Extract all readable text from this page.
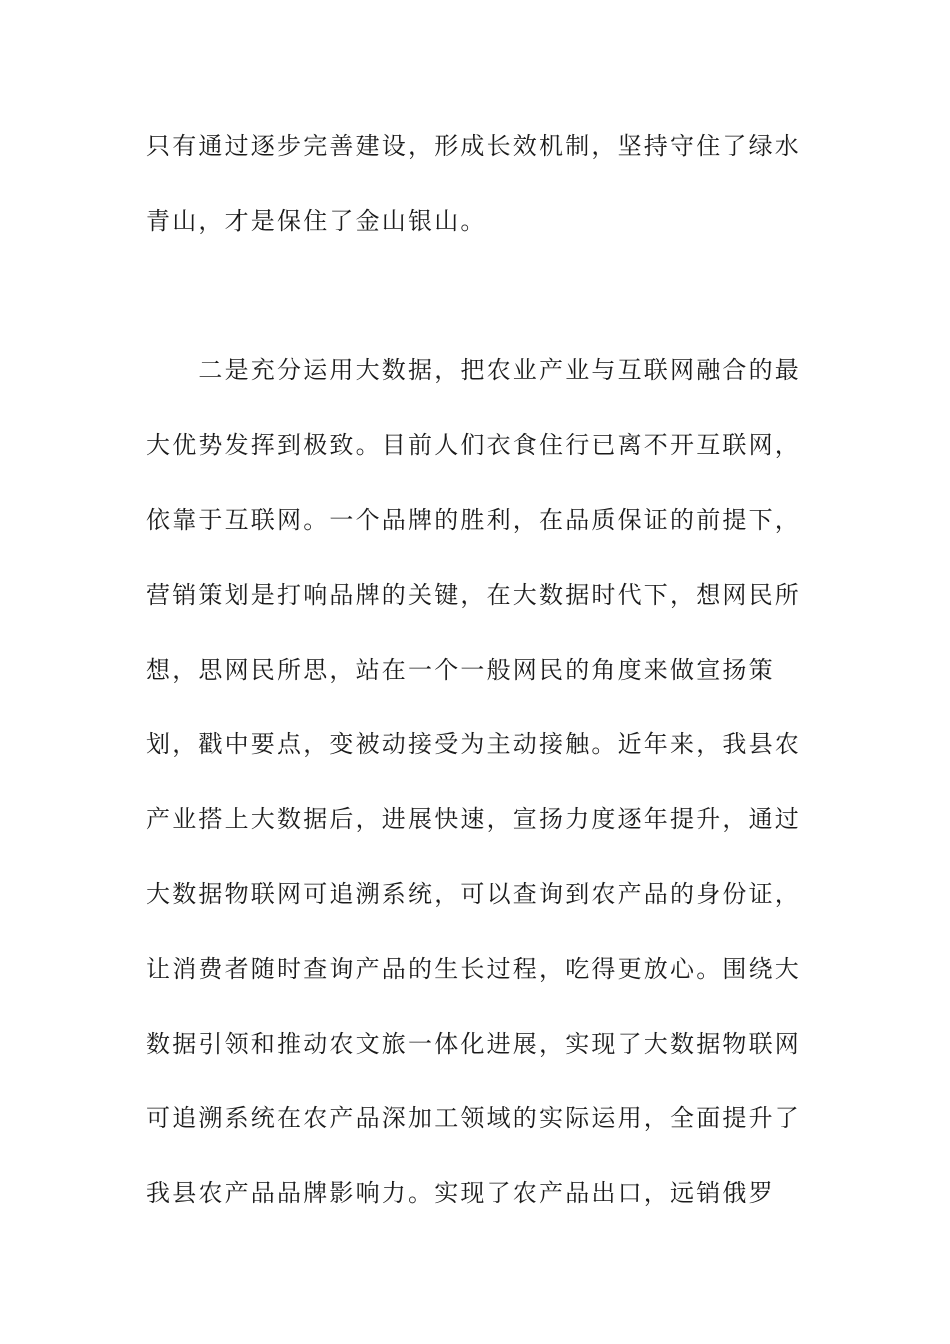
只有通过逐步完善建设，形成长效机制，坚持守住了绿水
青山，才是保住了金山银山。
　　二是充分运用大数据，把农业产业与互联网融合的最
大优势发挥到极致。目前人们衣食住行已离不开互联网，
依靠于互联网。一个品牌的胜利，在品质保证的前提下，
营销策划是打响品牌的关键，在大数据时代下，想网民所
想，思网民所思，站在一个一般网民的角度来做宣扬策
划，戳中要点，变被动接受为主动接触。近年来，我县农
产业搭上大数据后，进展快速，宣扬力度逐年提升，通过
大数据物联网可追溯系统，可以查询到农产品的身份证，
让消费者随时查询产品的生长过程，吃得更放心。围绕大
数据引领和推动农文旅一体化进展，实现了大数据物联网
可追溯系统在农产品深加工领域的实际运用，全面提升了
我县农产品品牌影响力。实现了农产品出口，远销俄罗
